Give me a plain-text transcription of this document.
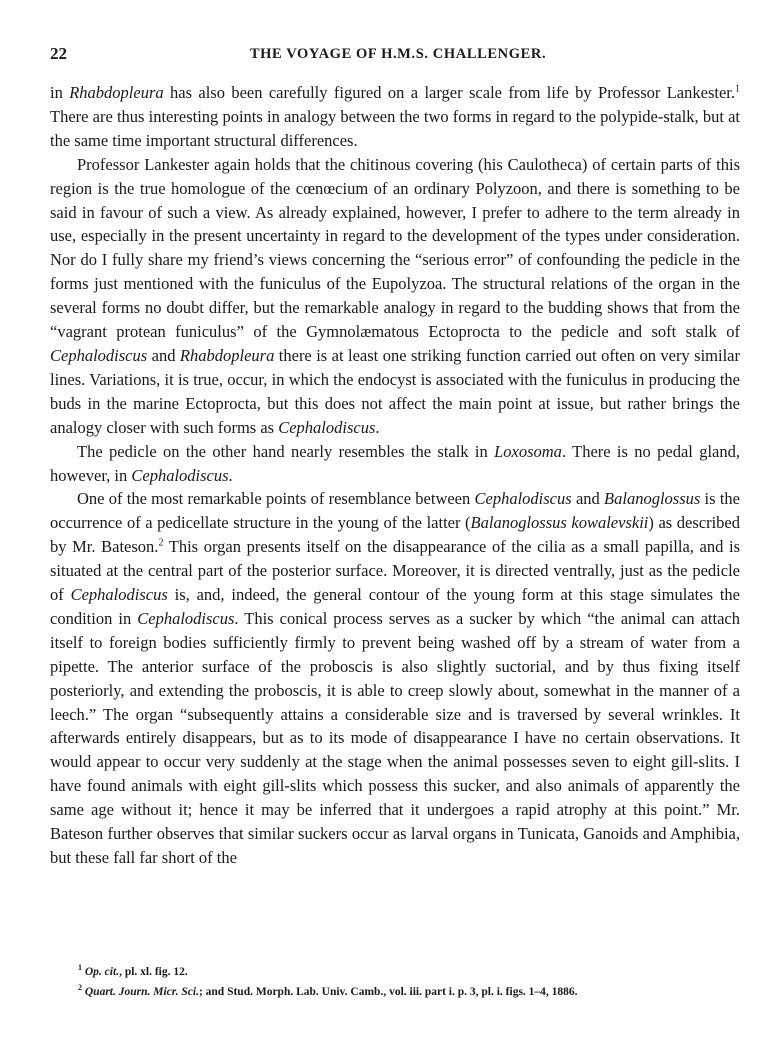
22	THE VOYAGE OF H.M.S. CHALLENGER.

in Rhabdopleura has also been carefully figured on a larger scale from life by Professor Lankester.$^1$ There are thus interesting points in analogy between the two forms in regard to the polypide-stalk, but at the same time important structural differences.

Professor Lankester again holds that the chitinous covering (his Caulotheca) of certain parts of this region is the true homologue of the cœnœcium of an ordinary Polyzoon, and there is something to be said in favour of such a view. As already explained, however, I prefer to adhere to the term already in use, especially in the present uncertainty in regard to the development of the types under consideration. Nor do I fully share my friend’s views concerning the “serious error” of confounding the pedicle in the forms just mentioned with the funiculus of the Eupolyzoa. The structural relations of the organ in the several forms no doubt differ, but the remarkable analogy in regard to the budding shows that from the “vagrant protean funiculus” of the Gymnolæmatous Ectoprocta to the pedicle and soft stalk of Cephalodiscus and Rhabdopleura there is at least one striking function carried out often on very similar lines. Variations, it is true, occur, in which the endocyst is associated with the funiculus in producing the buds in the marine Ectoprocta, but this does not affect the main point at issue, but rather brings the analogy closer with such forms as Cephalodiscus.

The pedicle on the other hand nearly resembles the stalk in Loxosoma. There is no pedal gland, however, in Cephalodiscus.

One of the most remarkable points of resemblance between Cephalodiscus and Balanoglossus is the occurrence of a pedicellate structure in the young of the latter (Balanoglossus kowalevskii) as described by Mr. Bateson.$^2$ This organ presents itself on the disappearance of the cilia as a small papilla, and is situated at the central part of the posterior surface. Moreover, it is directed ventrally, just as the pedicle of Cephalodiscus is, and, indeed, the general contour of the young form at this stage simulates the condition in Cephalodiscus. This conical process serves as a sucker by which “the animal can attach itself to foreign bodies sufficiently firmly to prevent being washed off by a stream of water from a pipette. The anterior surface of the proboscis is also slightly suctorial, and by thus fixing itself posteriorly, and extending the proboscis, it is able to creep slowly about, somewhat in the manner of a leech.” The organ “subsequently attains a considerable size and is traversed by several wrinkles. It afterwards entirely disappears, but as to its mode of disappearance I have no certain observations. It would appear to occur very suddenly at the stage when the animal possesses seven to eight gill-slits. I have found animals with eight gill-slits which possess this sucker, and also animals of apparently the same age without it; hence it may be inferred that it undergoes a rapid atrophy at this point.” Mr. Bateson further observes that similar suckers occur as larval organs in Tunicata, Ganoids and Amphibia, but these fall far short of the

$^1$ Op. cit., pl. xl. fig. 12.
$^2$ Quart. Journ. Micr. Sci.; and Stud. Morph. Lab. Univ. Camb., vol. iii. part i. p. 3, pl. i. figs. 1–4, 1886.
